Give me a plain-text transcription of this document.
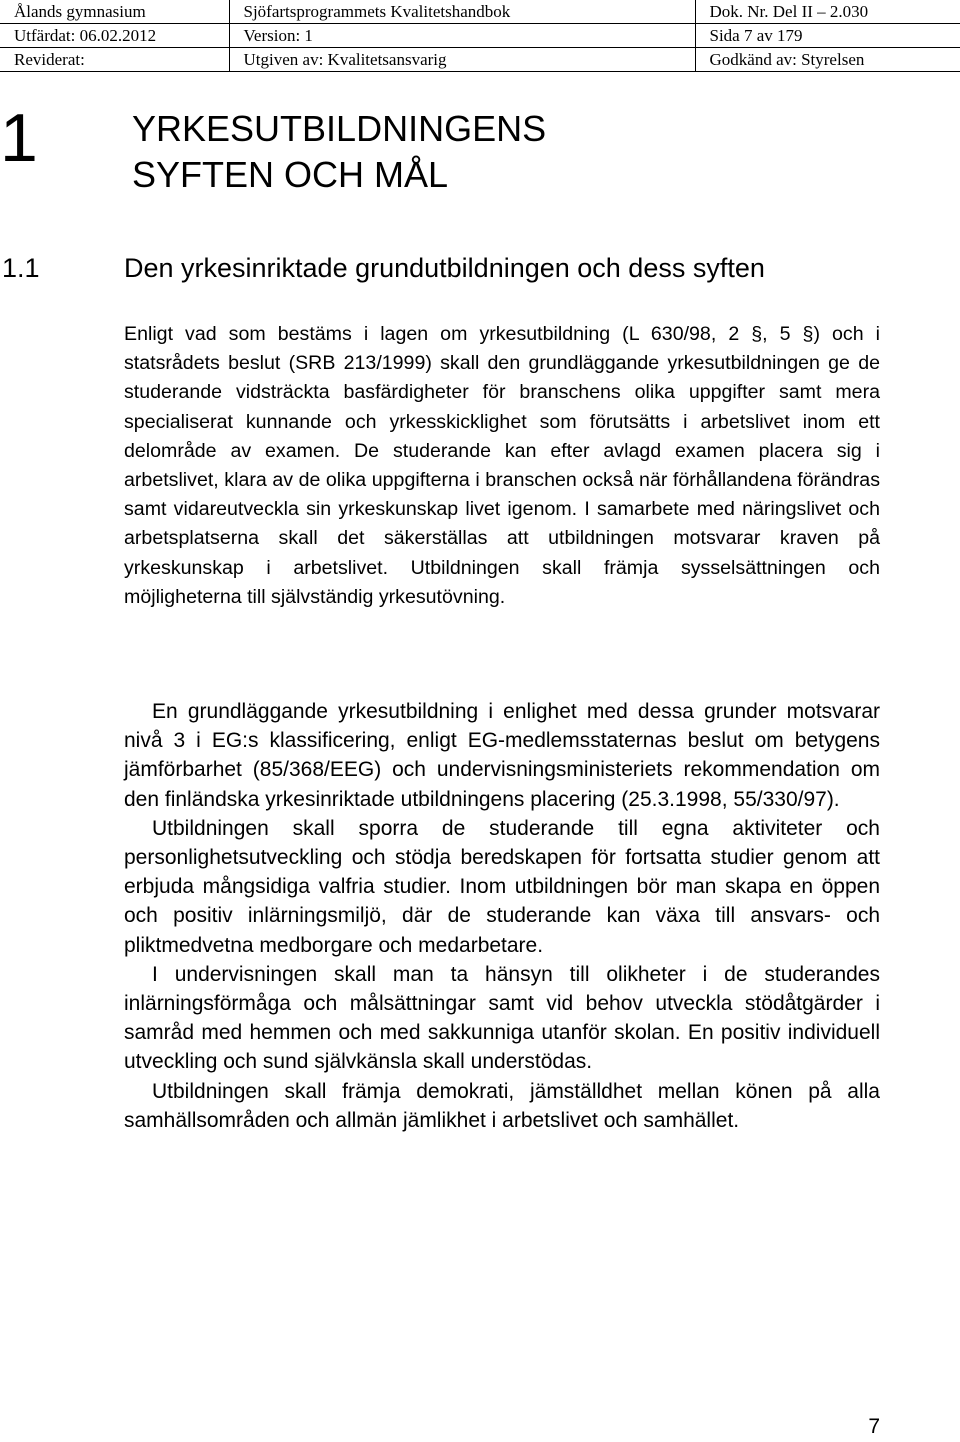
Ålands gymnasium	Sjöfartsprogrammets Kvalitetshandbok	Dok. Nr. Del II – 2.030
Utfärdat: 06.02.2012	Version: 1	Sida 7 av 179
Reviderat:	Utgiven av: Kvalitetsansvarig	Godkänd av: Styrelsen
1	YRKESUTBILDNINGENS
SYFTEN OCH MÅL
1.1	Den yrkesinriktade grundutbildningen och dess syften

Enligt vad som bestäms i lagen om yrkesutbildning (L 630/98, 2 §, 5 §) och i statsrådets beslut (SRB 213/1999) skall den grundläggande yrkesutbildningen ge de studerande vidsträckta basfärdigheter för branschens olika uppgifter samt mera specialiserat kunnande och yrkesskicklighet som förutsätts i arbetslivet inom ett delområde av examen. De studerande kan efter avlagd examen placera sig i arbetslivet, klara av de olika uppgifterna i branschen också när förhållandena förändras samt vidareutveckla sin yrkeskunskap livet igenom. I samarbete med näringslivet och arbetsplatserna skall det säkerställas att utbildningen motsvarar kraven på yrkeskunskap i arbetslivet. Utbildningen skall främja sysselsättningen och möjligheterna till självständig yrkesutövning.

En grundläggande yrkesutbildning i enlighet med dessa grunder motsvarar nivå 3 i EG:s klassificering, enligt EG-medlemsstaternas beslut om betygens jämförbarhet (85/368/EEG) och undervisningsministeriets rekommendation om den finländska yrkesinriktade utbildningens placering (25.3.1998, 55/330/97).

Utbildningen skall sporra de studerande till egna aktiviteter och personlighetsutveckling och stödja beredskapen för fortsatta studier genom att erbjuda mångsidiga valfria studier. Inom utbildningen bör man skapa en öppen och positiv inlärningsmiljö, där de studerande kan växa till ansvars- och pliktmedvetna medborgare och medarbetare.

I undervisningen skall man ta hänsyn till olikheter i de studerandes inlärningsförmåga och målsättningar samt vid behov utveckla stödåtgärder i samråd med hemmen och med sakkunniga utanför skolan. En positiv individuell utveckling och sund självkänsla skall understödas.

Utbildningen skall främja demokrati, jämställdhet mellan könen på alla samhällsområden och allmän jämlikhet i arbetslivet och samhället.

7
